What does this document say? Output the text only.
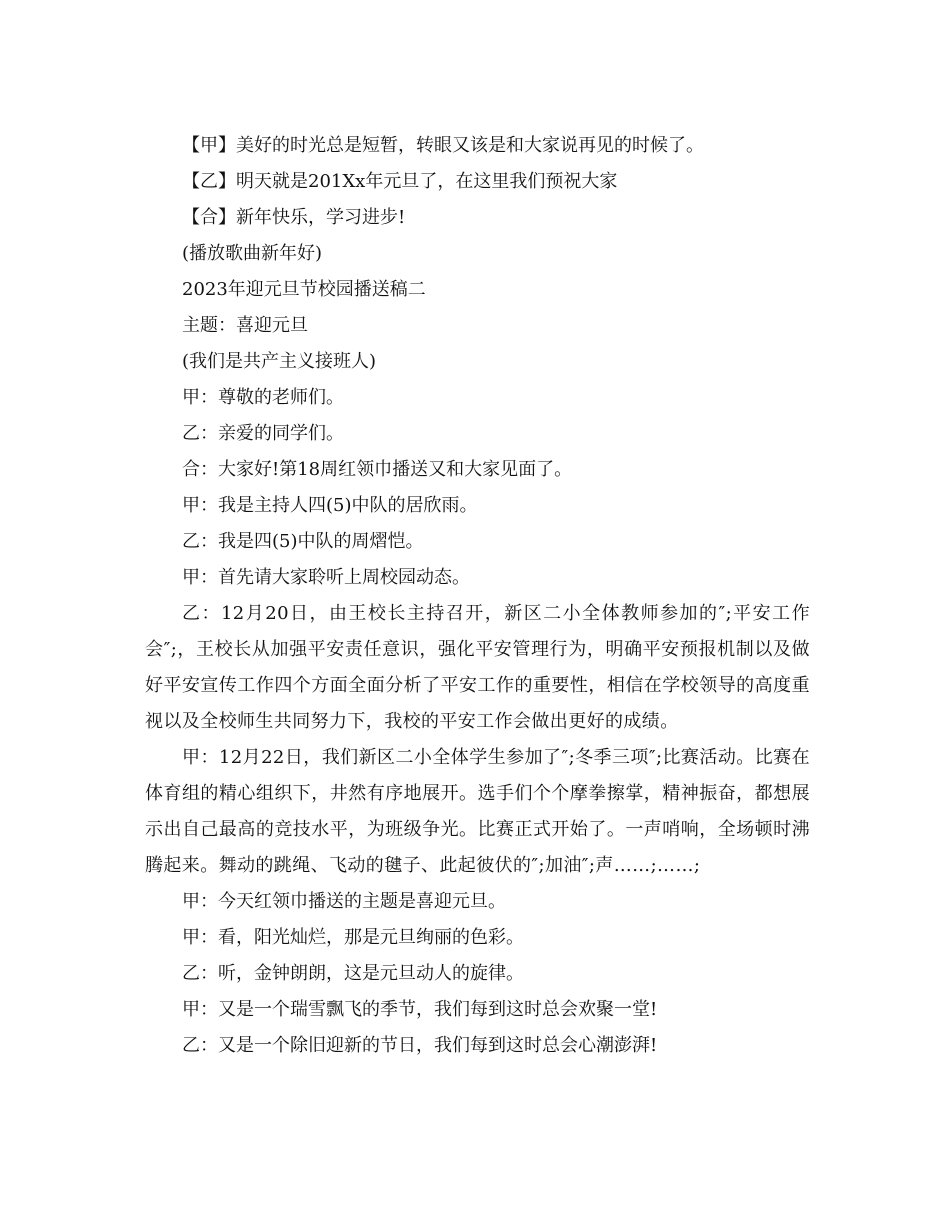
【甲】美好的时光总是短暂，转眼又该是和大家说再见的时候了。

【乙】明天就是201Xx年元旦了，在这里我们预祝大家

【合】新年快乐，学习进步!

(播放歌曲新年好)

2023年迎元旦节校园播送稿二

主题：喜迎元旦

(我们是共产主义接班人)

甲：尊敬的老师们。

乙：亲爱的同学们。

合：大家好!第18周红领巾播送又和大家见面了。

甲：我是主持人四(5)中队的居欣雨。

乙：我是四(5)中队的周熠恺。

甲：首先请大家聆听上周校园动态。

乙：12月20日，由王校长主持召开，新区二小全体教师参加的″;平安工作会″;，王校长从加强平安责任意识，强化平安管理行为，明确平安预报机制以及做好平安宣传工作四个方面全面分析了平安工作的重要性，相信在学校领导的高度重视以及全校师生共同努力下，我校的平安工作会做出更好的成绩。

甲：12月22日，我们新区二小全体学生参加了″;冬季三项″;比赛活动。比赛在体育组的精心组织下，井然有序地展开。选手们个个摩拳擦掌，精神振奋，都想展示出自己最高的竞技水平，为班级争光。比赛正式开始了。一声哨响，全场顿时沸腾起来。舞动的跳绳、飞动的毽子、此起彼伏的″;加油″;声……;……;

甲：今天红领巾播送的主题是喜迎元旦。

甲：看，阳光灿烂，那是元旦绚丽的色彩。

乙：听，金钟朗朗，这是元旦动人的旋律。

甲：又是一个瑞雪飘飞的季节，我们每到这时总会欢聚一堂!

乙：又是一个除旧迎新的节日，我们每到这时总会心潮澎湃!
